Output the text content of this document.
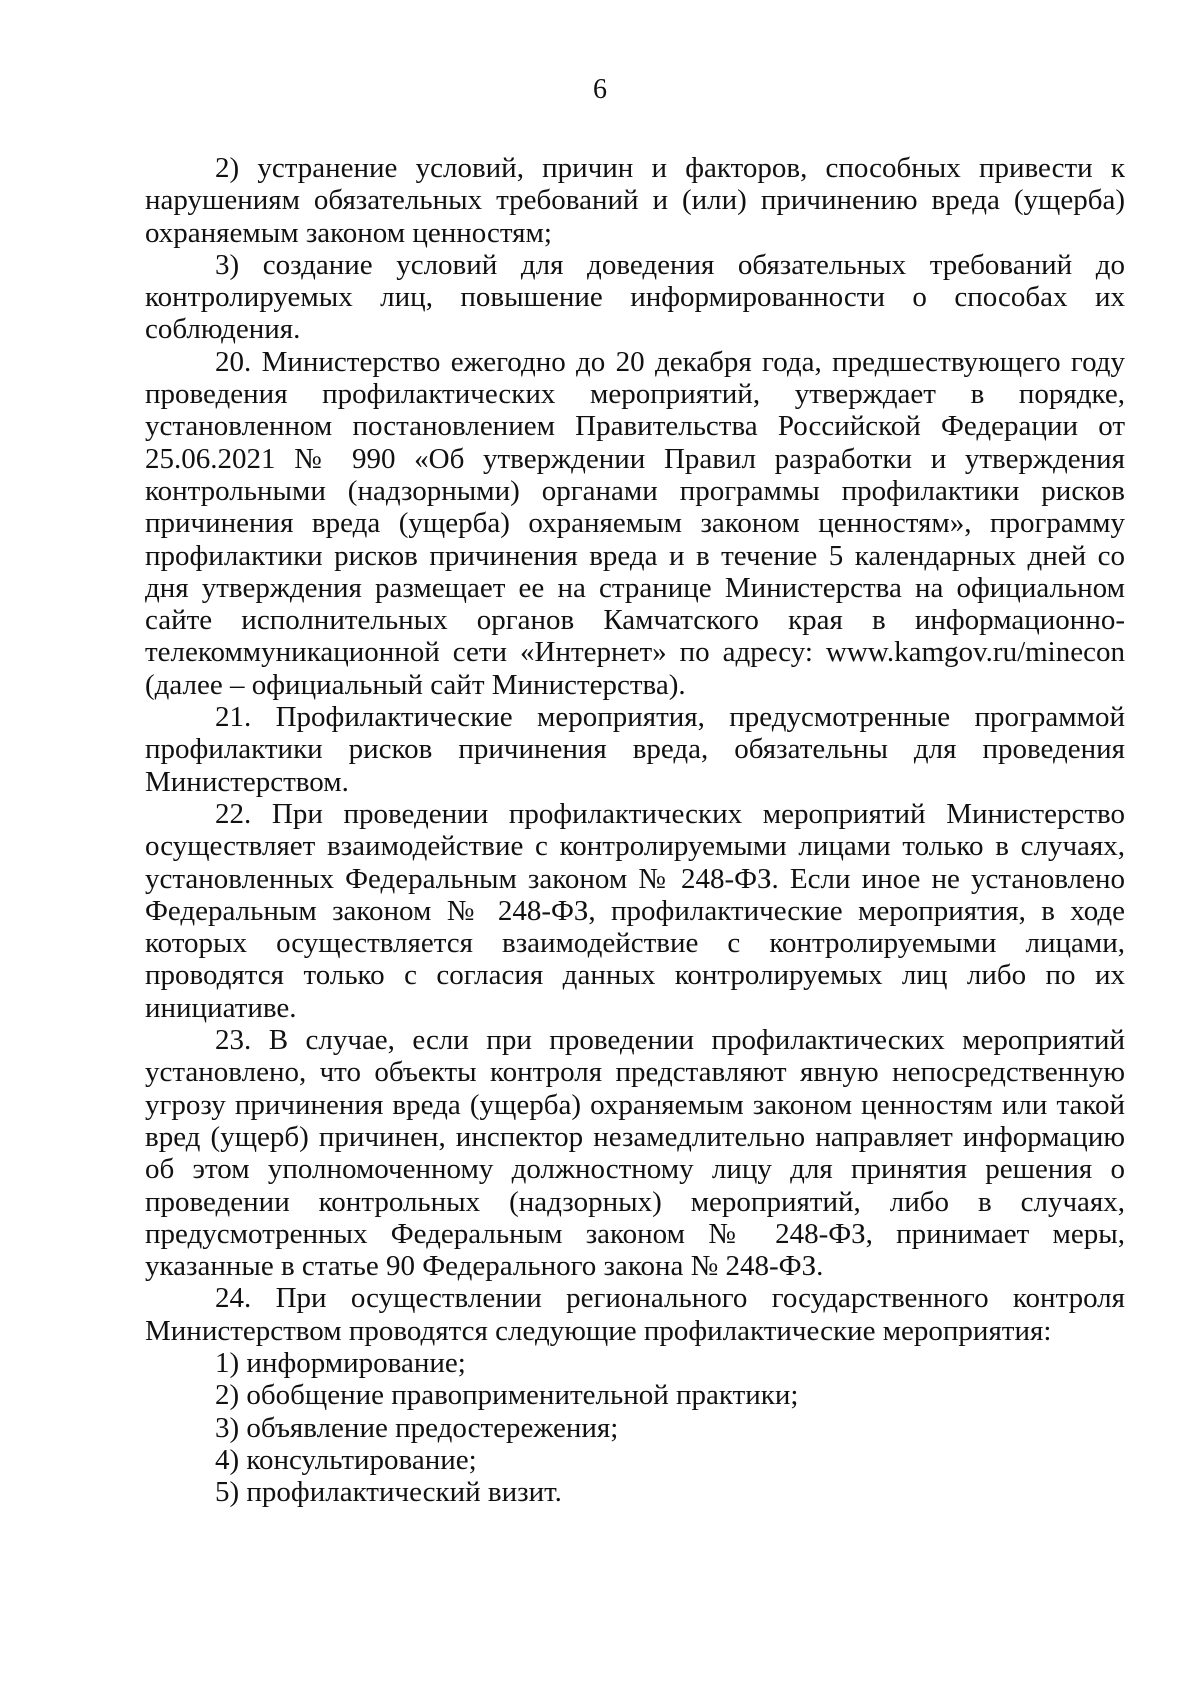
6

2) устранение условий, причин и факторов, способных привести к нарушениям обязательных требований и (или) причинению вреда (ущерба) охраняемым законом ценностям;

3) создание условий для доведения обязательных требований до контролируемых лиц, повышение информированности о способах их соблюдения.

20. Министерство ежегодно до 20 декабря года, предшествующего году проведения профилактических мероприятий, утверждает в порядке, установленном постановлением Правительства Российской Федерации от 25.06.2021 № 990 «Об утверждении Правил разработки и утверждения контрольными (надзорными) органами программы профилактики рисков причинения вреда (ущерба) охраняемым законом ценностям», программу профилактики рисков причинения вреда и в течение 5 календарных дней со дня утверждения размещает ее на странице Министерства на официальном сайте исполнительных органов Камчатского края в информационно-телекоммуникационной сети «Интернет» по адресу: www.kamgov.ru/minecon (далее – официальный сайт Министерства).

21. Профилактические мероприятия, предусмотренные программой профилактики рисков причинения вреда, обязательны для проведения Министерством.

22. При проведении профилактических мероприятий Министерство осуществляет взаимодействие с контролируемыми лицами только в случаях, установленных Федеральным законом № 248-ФЗ. Если иное не установлено Федеральным законом № 248-ФЗ, профилактические мероприятия, в ходе которых осуществляется взаимодействие с контролируемыми лицами, проводятся только с согласия данных контролируемых лиц либо по их инициативе.

23. В случае, если при проведении профилактических мероприятий установлено, что объекты контроля представляют явную непосредственную угрозу причинения вреда (ущерба) охраняемым законом ценностям или такой вред (ущерб) причинен, инспектор незамедлительно направляет информацию об этом уполномоченному должностному лицу для принятия решения о проведении контрольных (надзорных) мероприятий, либо в случаях, предусмотренных Федеральным законом № 248-ФЗ, принимает меры, указанные в статье 90 Федерального закона № 248-ФЗ.

24. При осуществлении регионального государственного контроля Министерством проводятся следующие профилактические мероприятия:

1) информирование;

2) обобщение правоприменительной практики;

3) объявление предостережения;

4) консультирование;

5) профилактический визит.
